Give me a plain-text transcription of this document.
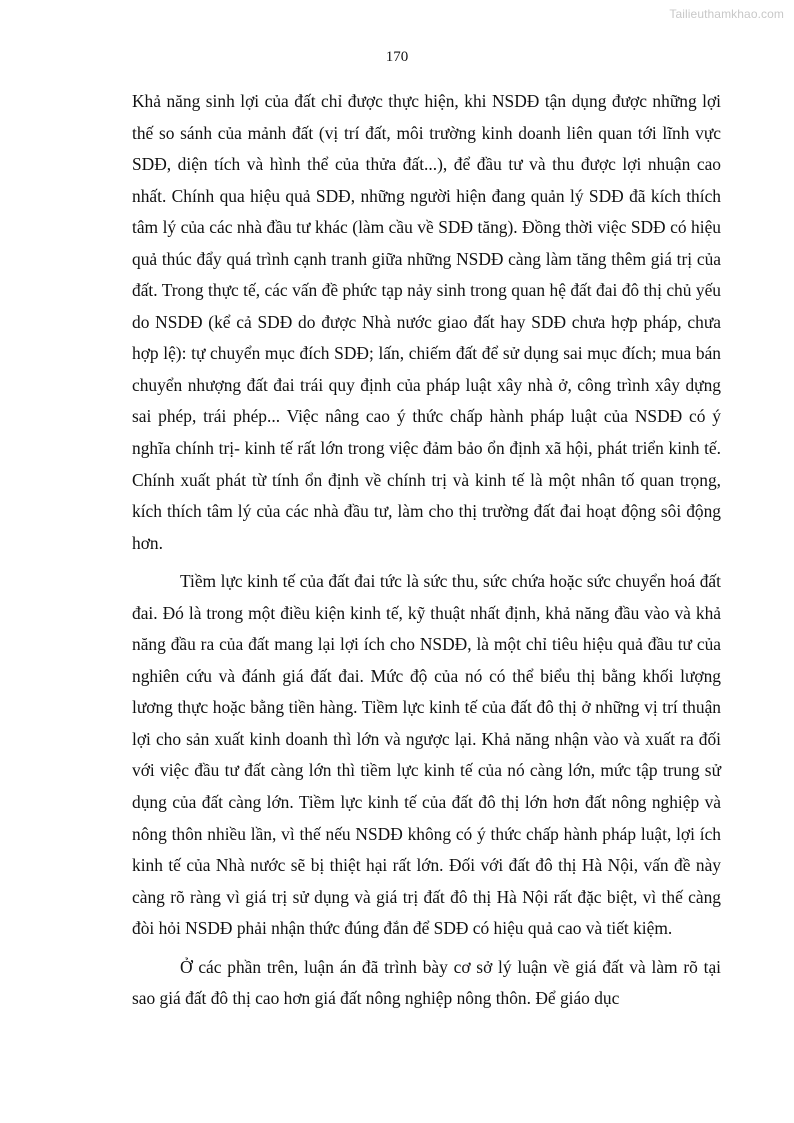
Tailieuthamkhao.com
170

Khả năng sinh lợi của đất chỉ được thực hiện, khi NSDĐ tận dụng được những lợi thế so sánh của mảnh đất (vị trí đất, môi trường kinh doanh liên quan tới lĩnh vực SDĐ, diện tích và hình thể của thửa đất...), để đầu tư và thu được lợi nhuận cao nhất. Chính qua hiệu quả SDĐ, những người hiện đang quản lý SDĐ đã kích thích tâm lý của các nhà đầu tư khác (làm cầu về SDĐ tăng). Đồng thời việc SDĐ có hiệu quả thúc đẩy quá trình cạnh tranh giữa những NSDĐ càng làm tăng thêm giá trị của đất. Trong thực tế, các vấn đề phức tạp nảy sinh trong quan hệ đất đai đô thị chủ yếu do NSDĐ (kể cả SDĐ do được Nhà nước giao đất hay SDĐ chưa hợp pháp, chưa hợp lệ): tự chuyển mục đích SDĐ; lấn, chiếm đất để sử dụng sai mục đích; mua bán chuyển nhượng đất đai trái quy định của pháp luật xây nhà ở, công trình xây dựng sai phép, trái phép... Việc nâng cao ý thức chấp hành pháp luật của NSDĐ có ý nghĩa chính trị- kinh tế rất lớn trong việc đảm bảo ổn định xã hội, phát triển kinh tế. Chính xuất phát từ tính ổn định về chính trị và kinh tế là một nhân tố quan trọng, kích thích tâm lý của các nhà đầu tư, làm cho thị trường đất đai hoạt động sôi động hơn.

Tiềm lực kinh tế của đất đai tức là sức thu, sức chứa hoặc sức chuyển hoá đất đai. Đó là trong một điều kiện kinh tế, kỹ thuật nhất định, khả năng đầu vào và khả năng đầu ra của đất mang lại lợi ích cho NSDĐ, là một chỉ tiêu hiệu quả đầu tư của nghiên cứu và đánh giá đất đai. Mức độ của nó có thể biểu thị bằng khối lượng lương thực hoặc bằng tiền hàng. Tiềm lực kinh tế của đất đô thị ở những vị trí thuận lợi cho sản xuất kinh doanh thì lớn và ngược lại. Khả năng nhận vào và xuất ra đối với việc đầu tư đất càng lớn thì tiềm lực kinh tế của nó càng lớn, mức tập trung sử dụng của đất càng lớn. Tiềm lực kinh tế của đất đô thị lớn hơn đất nông nghiệp và nông thôn nhiều lần, vì thế nếu NSDĐ không có ý thức chấp hành pháp luật, lợi ích kinh tế của Nhà nước sẽ bị thiệt hại rất lớn. Đối với đất đô thị Hà Nội, vấn đề này càng rõ ràng vì giá trị sử dụng và giá trị đất đô thị Hà Nội rất đặc biệt, vì thế càng đòi hỏi NSDĐ phải nhận thức đúng đắn để SDĐ có hiệu quả cao và tiết kiệm.

Ở các phần trên, luận án đã trình bày cơ sở lý luận về giá đất và làm rõ tại sao giá đất đô thị cao hơn giá đất nông nghiệp nông thôn. Để giáo dục
